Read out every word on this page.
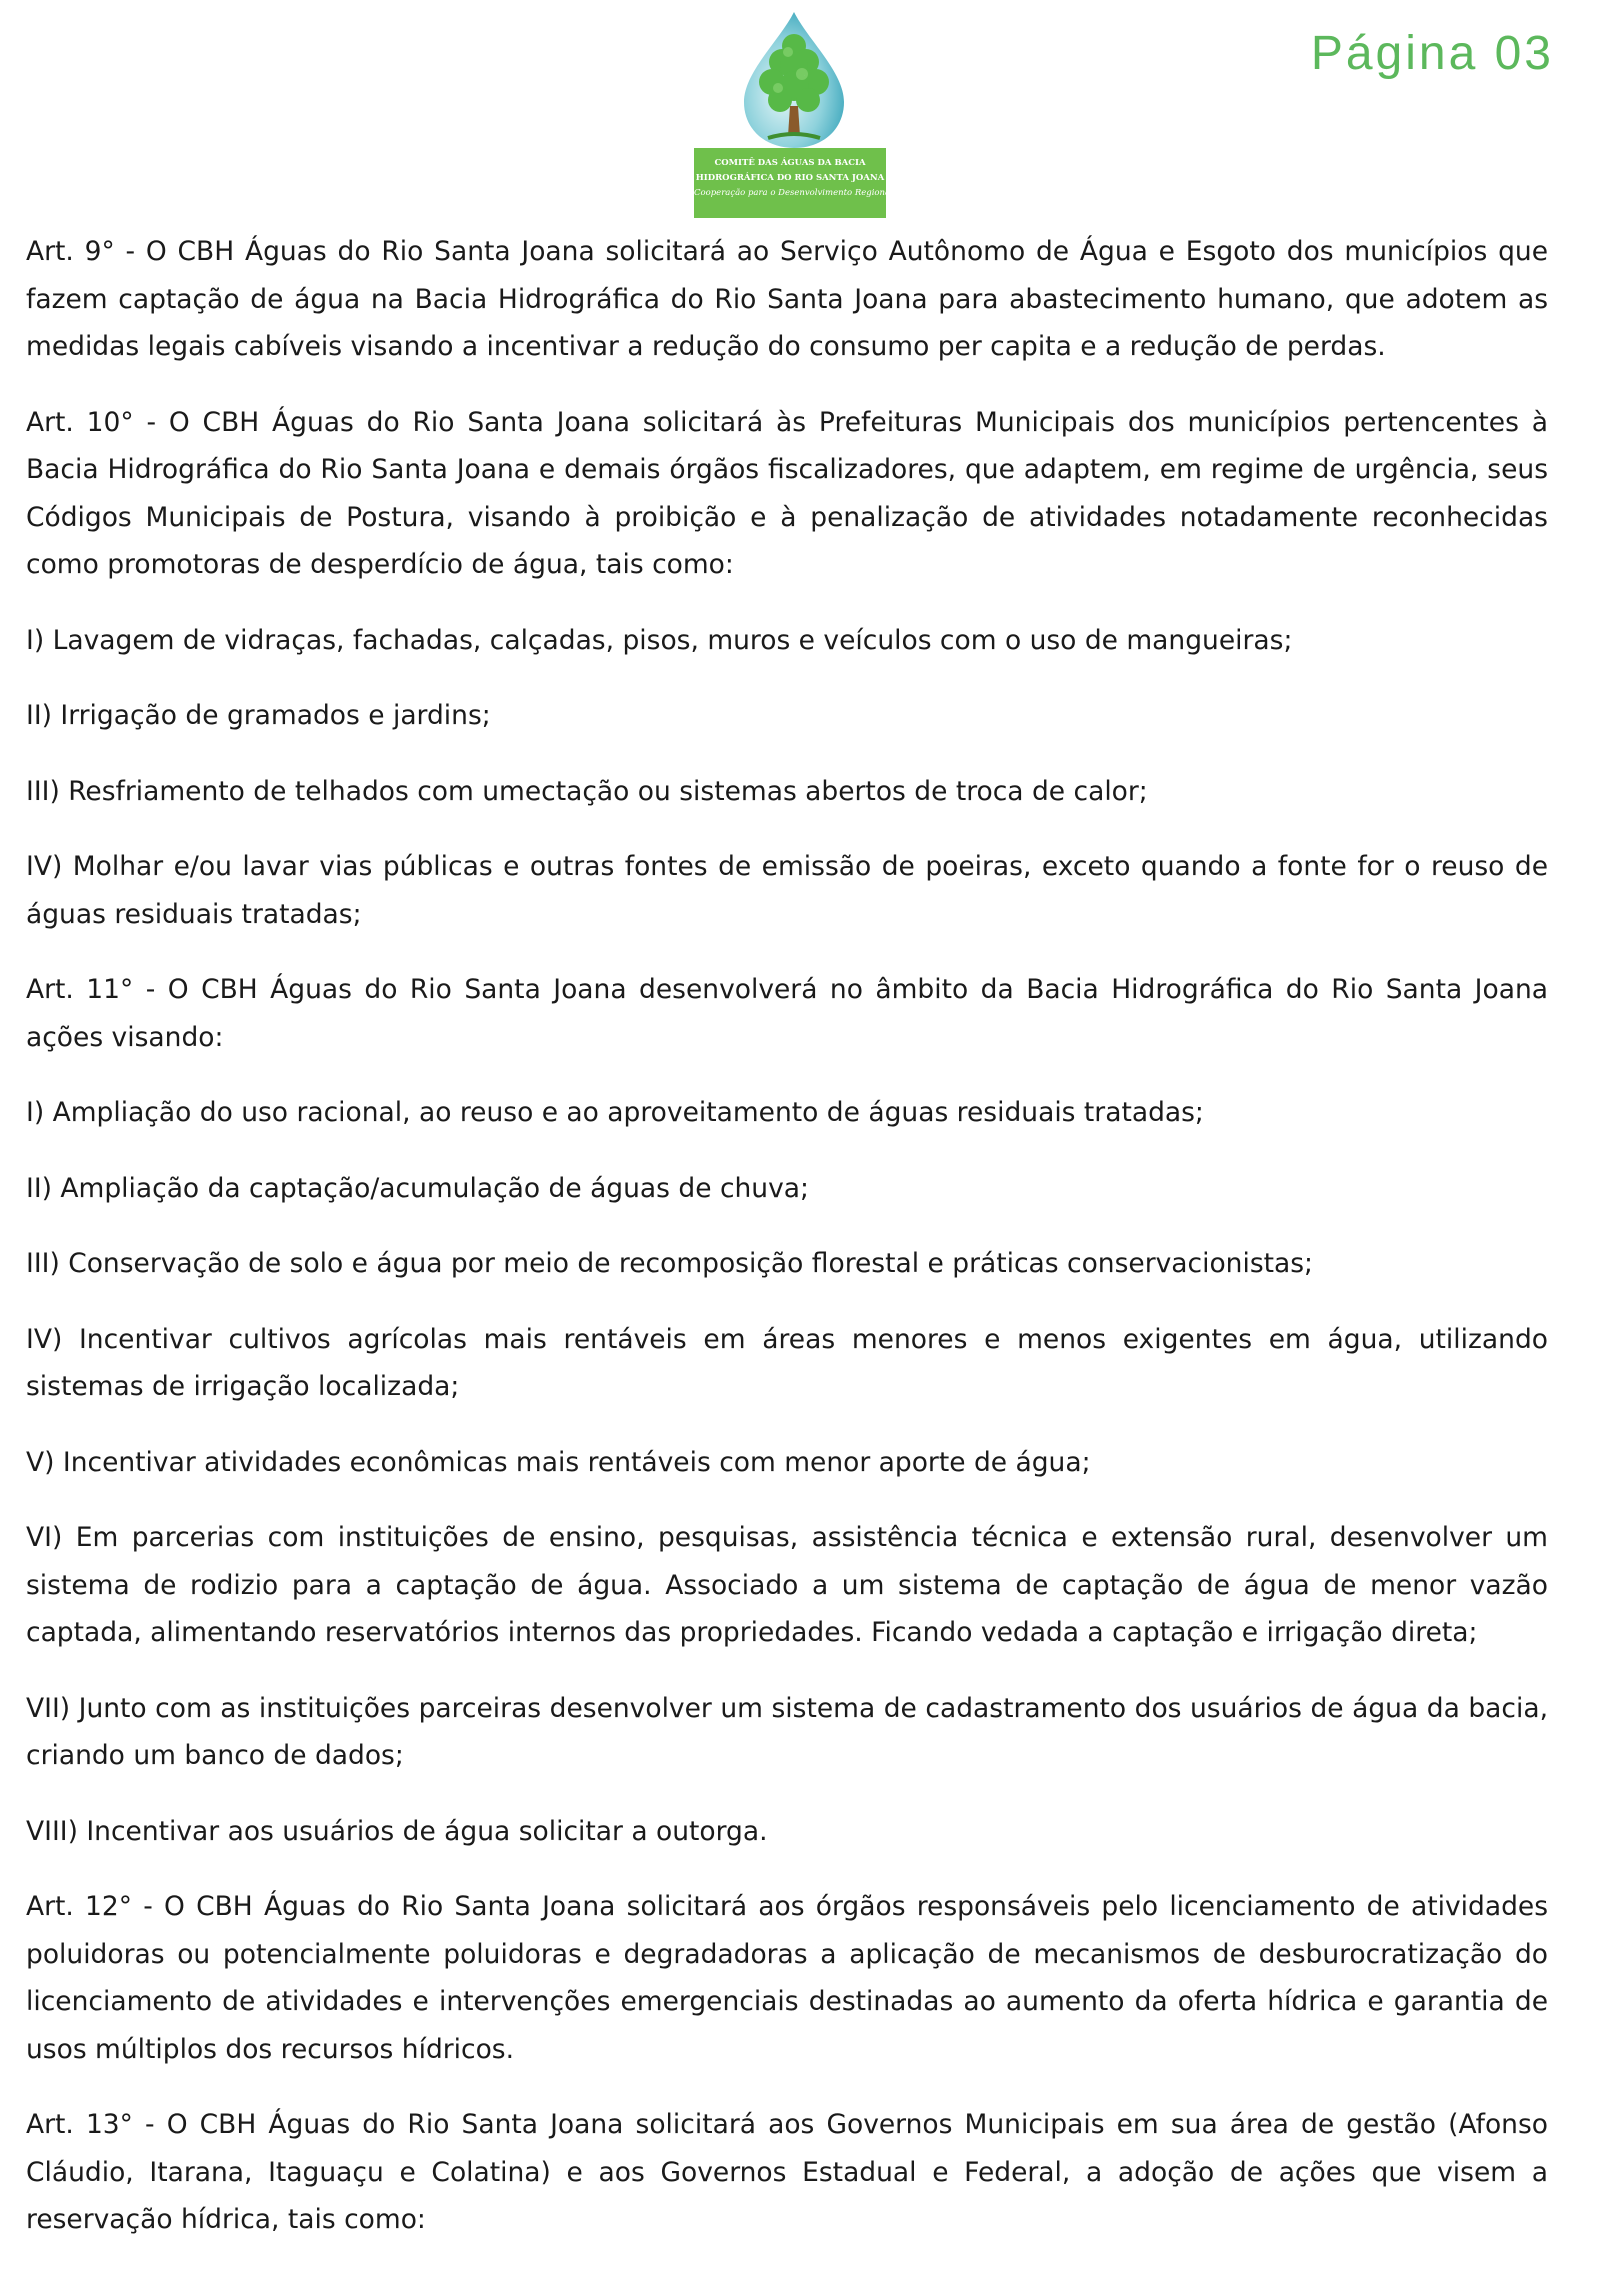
Página 03
COMITÊ DAS ÁGUAS DA BACIA
HIDROGRÁFICA DO RIO SANTA JOANA
Cooperação para o Desenvolvimento Regional

Art. 9° - O CBH Águas do Rio Santa Joana solicitará ao Serviço Autônomo de Água e Esgoto dos municípios que fazem captação de água na Bacia Hidrográfica do Rio Santa Joana para abastecimento humano, que adotem as medidas legais cabíveis visando a incentivar a redução do consumo per capita e a redução de perdas.

Art. 10° - O CBH Águas do Rio Santa Joana solicitará às Prefeituras Municipais dos municípios pertencentes à Bacia Hidrográfica do Rio Santa Joana e demais órgãos fiscalizadores, que adaptem, em regime de urgência, seus Códigos Municipais de Postura, visando à proibição e à penalização de atividades notadamente reconhecidas como promotoras de desperdício de água, tais como:

I) Lavagem de vidraças, fachadas, calçadas, pisos, muros e veículos com o uso de mangueiras;

II) Irrigação de gramados e jardins;

III) Resfriamento de telhados com umectação ou sistemas abertos de troca de calor;

IV) Molhar e/ou lavar vias públicas e outras fontes de emissão de poeiras, exceto quando a fonte for o reuso de águas residuais tratadas;

Art. 11° - O CBH Águas do Rio Santa Joana desenvolverá no âmbito da Bacia Hidrográfica do Rio Santa Joana ações visando:

I) Ampliação do uso racional, ao reuso e ao aproveitamento de águas residuais tratadas;

II) Ampliação da captação/acumulação de águas de chuva;

III) Conservação de solo e água por meio de recomposição florestal e práticas conservacionistas;

IV) Incentivar cultivos agrícolas mais rentáveis em áreas menores e menos exigentes em água, utilizando sistemas de irrigação localizada;

V) Incentivar atividades econômicas mais rentáveis com menor aporte de água;

VI) Em parcerias com instituições de ensino, pesquisas, assistência técnica e extensão rural, desenvolver um sistema de rodizio para a captação de água. Associado a um sistema de captação de água de menor vazão captada, alimentando reservatórios internos das propriedades. Ficando vedada a captação e irrigação direta;

VII) Junto com as instituições parceiras desenvolver um sistema de cadastramento dos usuários de água da bacia, criando um banco de dados;

VIII) Incentivar aos usuários de água solicitar a outorga.

Art. 12° - O CBH Águas do Rio Santa Joana solicitará aos órgãos responsáveis pelo licenciamento de atividades poluidoras ou potencialmente poluidoras e degradadoras a aplicação de mecanismos de desburocratização do licenciamento de atividades e intervenções emergenciais destinadas ao aumento da oferta hídrica e garantia de usos múltiplos dos recursos hídricos.

Art. 13° - O CBH Águas do Rio Santa Joana solicitará aos Governos Municipais em sua área de gestão (Afonso Cláudio, Itarana, Itaguaçu e Colatina) e aos Governos Estadual e Federal, a adoção de ações que visem a reservação hídrica, tais como:
